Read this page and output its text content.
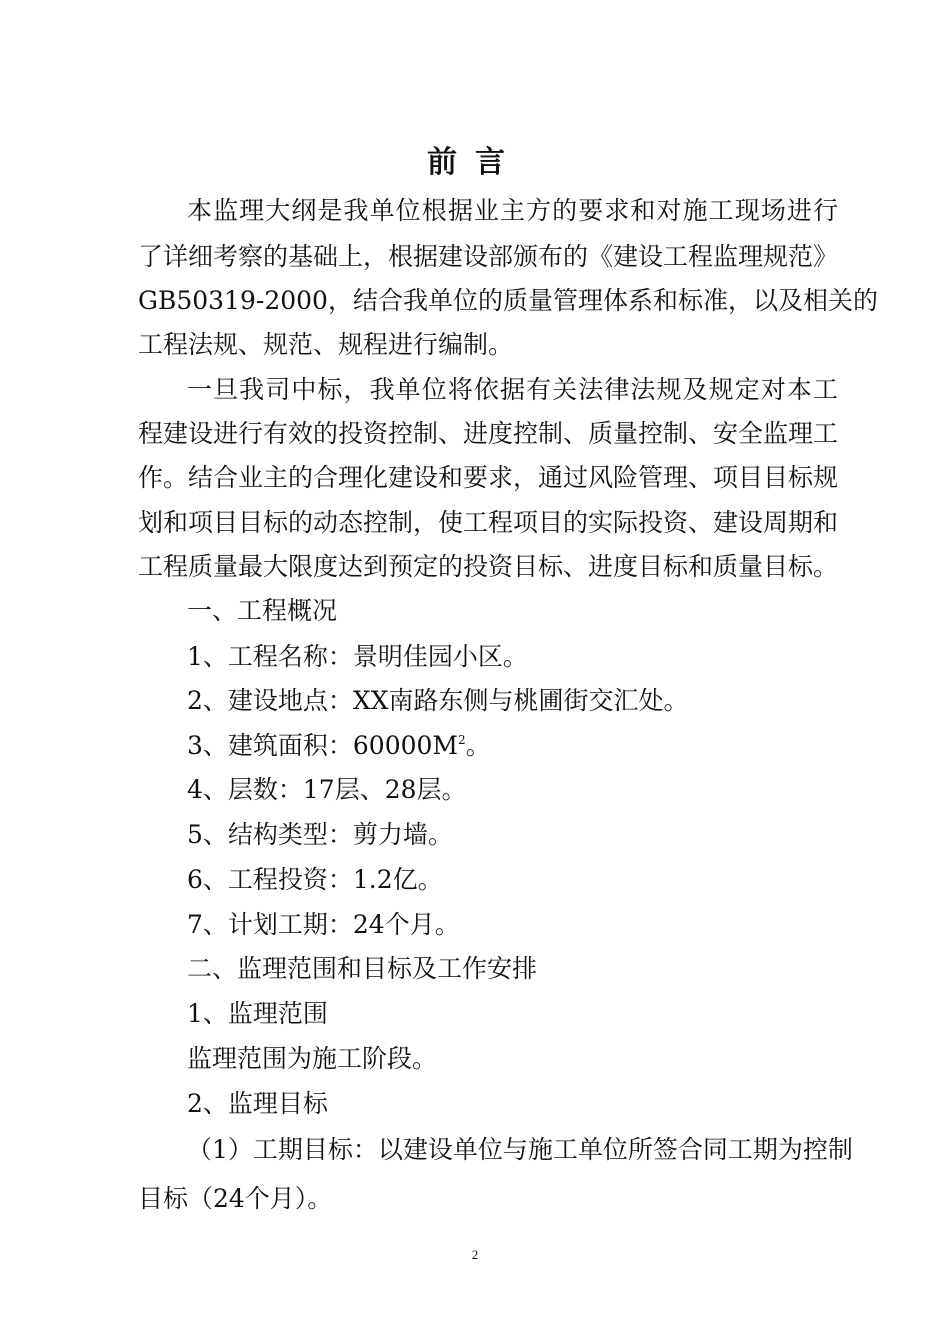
前言
本监理大纲是我单位根据业主方的要求和对施工现场进行
了详细考察的基础上，根据建设部颁布的《建设工程监理规范》
GB50319-2000，结合我单位的质量管理体系和标准，以及相关的
工程法规、规范、规程进行编制。
一旦我司中标，我单位将依据有关法律法规及规定对本工
程建设进行有效的投资控制、进度控制、质量控制、安全监理工
作。结合业主的合理化建设和要求，通过风险管理、项目目标规
划和项目目标的动态控制，使工程项目的实际投资、建设周期和
工程质量最大限度达到预定的投资目标、进度目标和质量目标。
一、工程概况
1、工程名称：景明佳园小区。
2、建设地点：XX南路东侧与桃圃街交汇处。
3、建筑面积：$60000M^2$。
4、层数：17层、28层。
5、结构类型：剪力墙。
6、工程投资：1.2亿。
7、计划工期：24个月。
二、监理范围和目标及工作安排
1、监理范围
监理范围为施工阶段。
2、监理目标
（1）工期目标：以建设单位与施工单位所签合同工期为控制
目标（24个月）。
2
